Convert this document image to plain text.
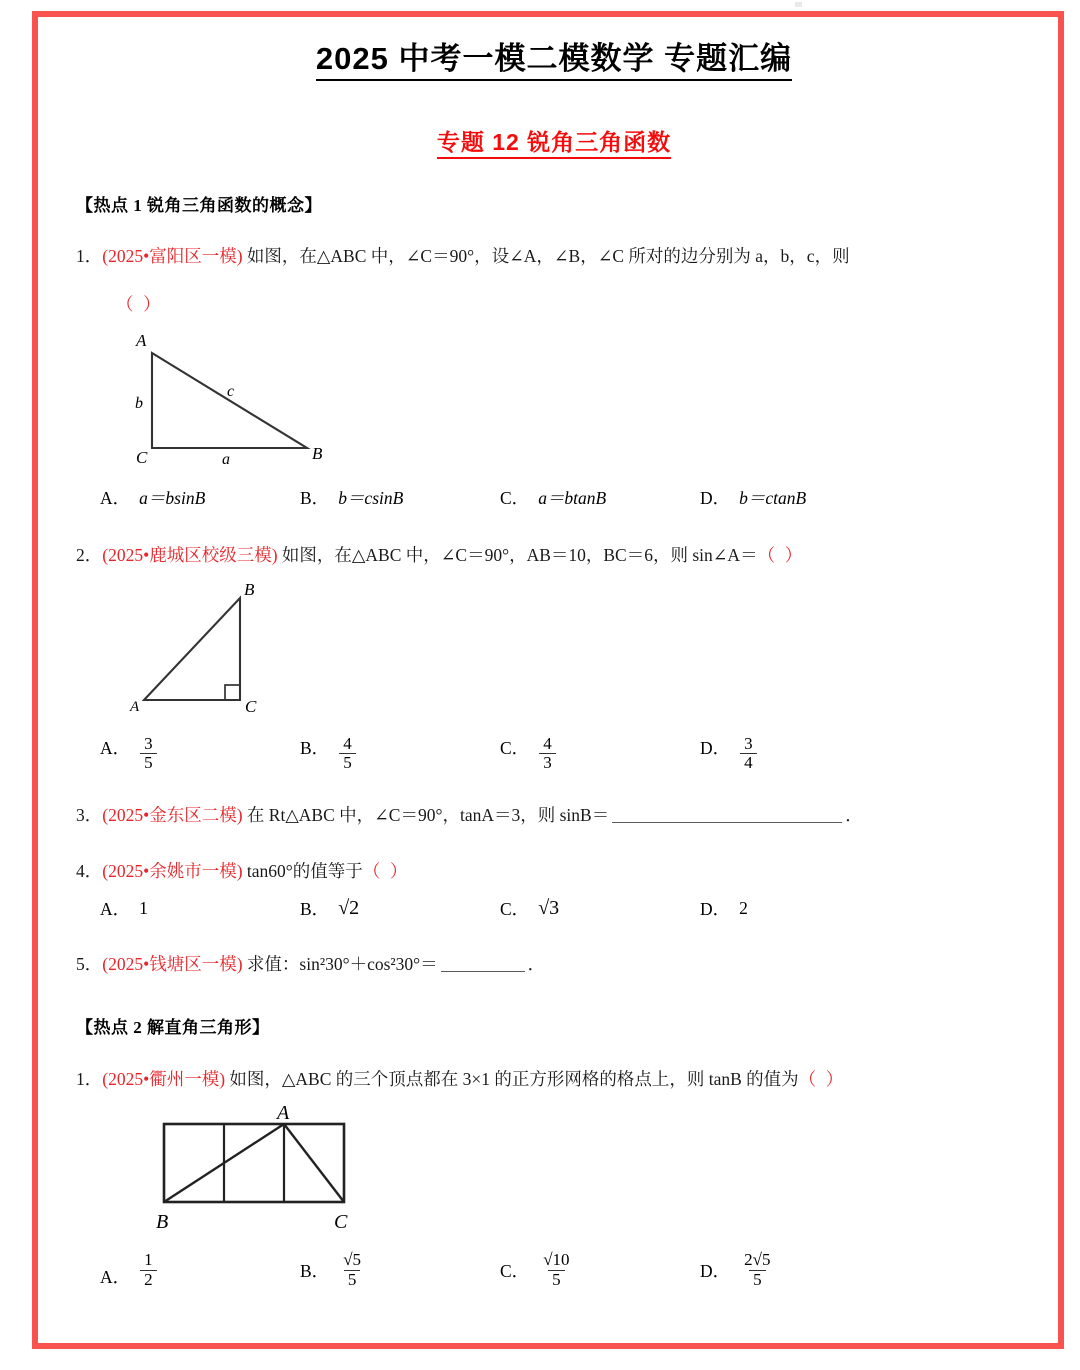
2025 中考一模二模数学 专题汇编
专题 12 锐角三角函数
【热点 1 锐角三角函数的概念】
1．(2025•富阳区一模) 如图，在△ABC 中，∠C＝90°，设∠A，∠B，∠C 所对的边分别为 a，b，c，则
（ ）
A
B
C
b
a
c
A． a＝bsinB	B． b＝csinB	C． a＝btanB	D． b＝ctanB
2．(2025•鹿城区校级三模) 如图，在△ABC 中，∠C＝90°，AB＝10，BC＝6，则 sin∠A＝（ ）
B
A	C
A． $\frac{3}{5}$	B． $\frac{4}{5}$	C． $\frac{4}{3}$	D． $\frac{3}{4}$
3．(2025•金东区二模) 在 Rt△ABC 中，∠C＝90°，tanA＝3，则 sinB＝	．
4．(2025•余姚市一模) tan60°的值等于（ ）
A． 1	B． √2	C． √3	D． 2
5．(2025•钱塘区一模) 求值：sin²30°＋cos²30°＝	．
【热点 2 解直角三角形】
1．(2025•衢州一模) 如图，△ABC 的三个顶点都在 3×1 的正方形网格的格点上，则 tanB 的值为（ ）
A
B	C
A． $\frac{1}{2}$	B． $\frac{√5}{5}$	C． $\frac{√10}{5}$	D． $\frac{2√5}{5}$
